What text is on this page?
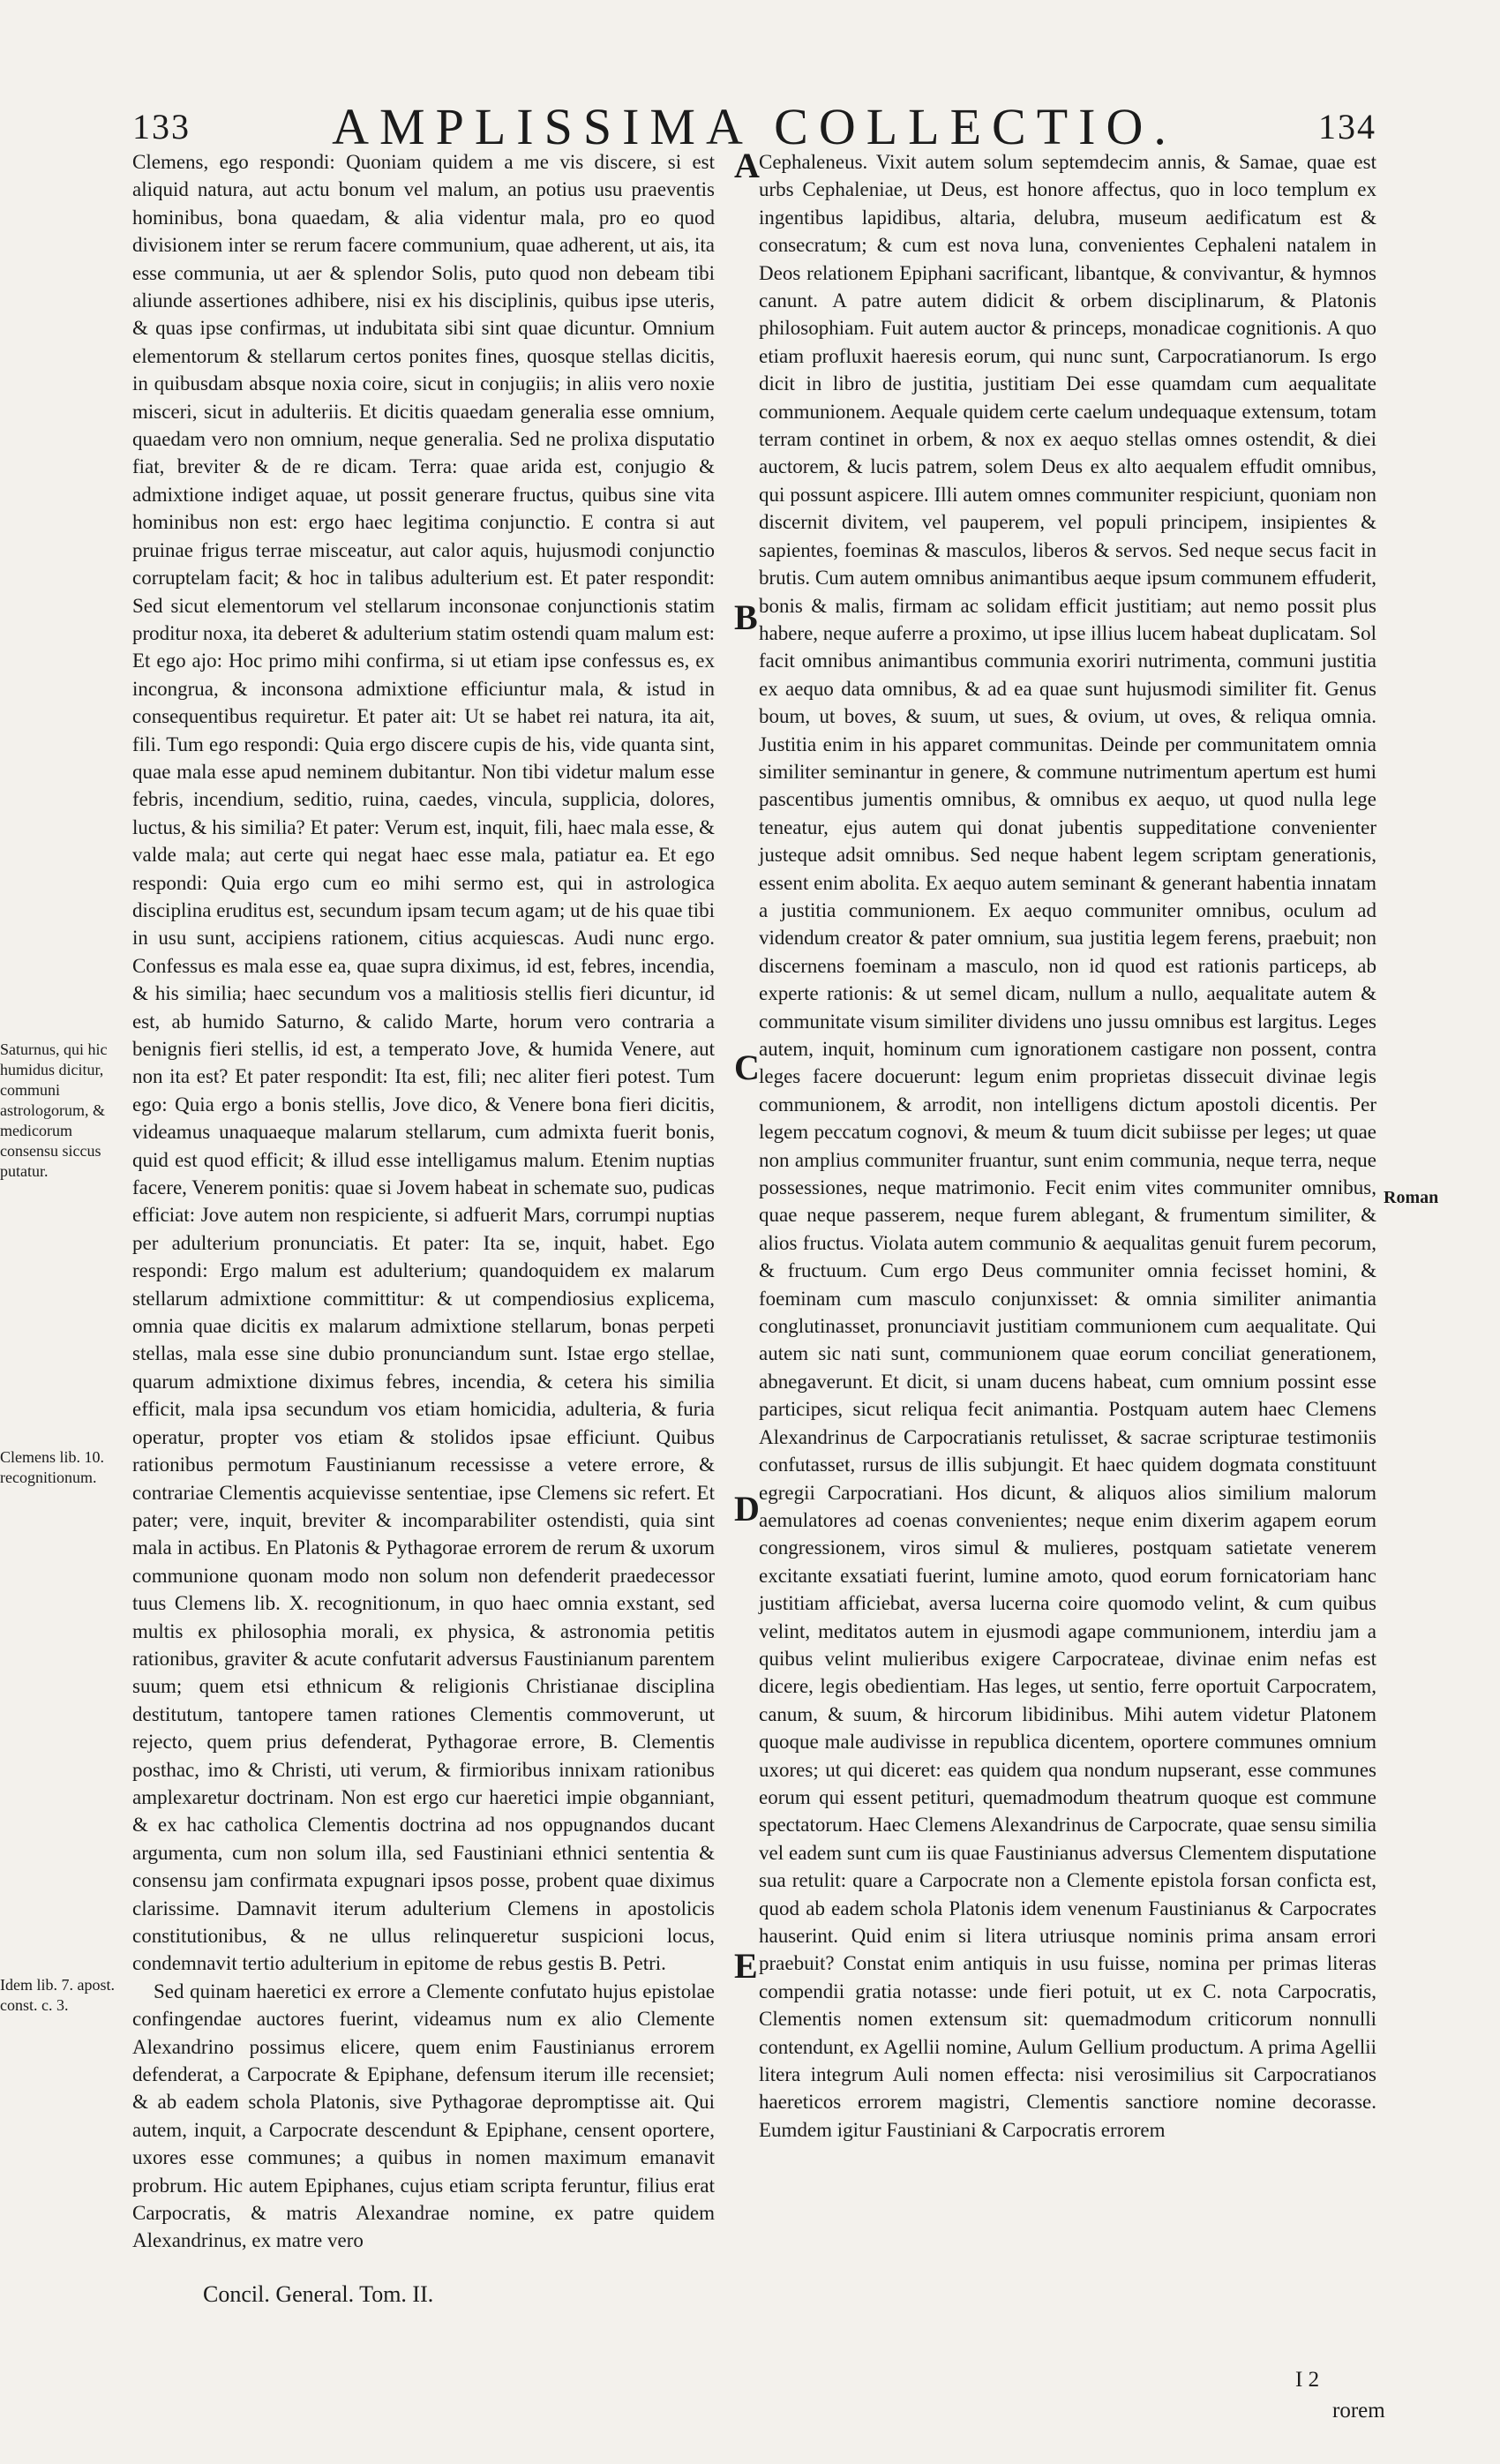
133	AMPLISSIMA COLLECTIO.	134

Clemens, ego respondi: Quoniam quidem a me vis discere, si est aliquid natura, aut actu bonum vel malum, an potius usu praeventis hominibus, bona quaedam, & alia videntur mala, pro eo quod divisionem inter se rerum facere communium, quae adherent, ut ais, ita esse communia, ut aer & splendor Solis, puto quod non debeam tibi aliunde assertiones adhibere, nisi ex his disciplinis, quibus ipse uteris, & quas ipse confirmas, ut indubitata sibi sint quae dicuntur. Omnium elementorum & stellarum certos ponites fines, quosque stellas dicitis, in quibusdam absque noxia coire, sicut in conjugiis; in aliis vero noxie misceri, sicut in adulteriis. Et dicitis quaedam generalia esse omnium, quaedam vero non omnium, neque generalia. Sed ne prolixa disputatio fiat, breviter & de re dicam. Terra: quae arida est, conjugio & admixtione indiget aquae, ut possit generare fructus, quibus sine vita hominibus non est: ergo haec legitima conjunctio. E contra si aut pruinae frigus terrae misceatur, aut calor aquis, hujusmodi conjunctio corruptelam facit; & hoc in talibus adulterium est. Et pater respondit: Sed sicut elementorum vel stellarum inconsonae conjunctionis statim proditur noxa, ita deberet & adulterium statim ostendi quam malum est: Et ego ajo: Hoc primo mihi confirma, si ut etiam ipse confessus es, ex incongrua, & inconsona admixtione efficiuntur mala, & istud in consequentibus requiretur. Et pater ait: Ut se habet rei natura, ita ait, fili. Tum ego respondi: Quia ergo discere cupis de his, vide quanta sint, quae mala esse apud neminem dubitantur. Non tibi videtur malum esse febris, incendium, seditio, ruina, caedes, vincula, supplicia, dolores, luctus, & his similia? Et pater: Verum est, inquit, fili, haec mala esse, & valde mala; aut certe qui negat haec esse mala, patiatur ea. Et ego respondi: Quia ergo cum eo mihi sermo est, qui in astrologica disciplina eruditus est, secundum ipsam tecum agam; ut de his quae tibi in usu sunt, accipiens rationem, citius acquiescas. Audi nunc ergo. Confessus es mala esse ea, quae supra diximus, id est, febres, incendia, & his similia; haec secundum vos a malitiosis stellis fieri dicuntur, id est, ab humido Saturno, & calido Marte, horum vero contraria a benignis fieri stellis, id est, a temperato Jove, & humida Venere, aut non ita est? Et pater respondit: Ita est, fili; nec aliter fieri potest. Tum ego: Quia ergo a bonis stellis, Jove dico, & Venere bona fieri dicitis, videamus unaquaeque malarum stellarum, cum admixta fuerit bonis, quid est quod efficit; & illud esse intelligamus malum. Etenim nuptias facere, Venerem ponitis: quae si Jovem habeat in schemate suo, pudicas efficiat: Jove autem non respiciente, si adfuerit Mars, corrumpi nuptias per adulterium pronunciatis. Et pater: Ita se, inquit, habet. Ego respondi: Ergo malum est adulterium; quandoquidem ex malarum stellarum admixtione committitur: & ut compendiosius explicema, omnia quae dicitis ex malarum admixtione stellarum, bonas perpeti stellas, mala esse sine dubio pronunciandum sunt. Istae ergo stellae, quarum admixtione diximus febres, incendia, & cetera his similia efficit, mala ipsa secundum vos etiam homicidia, adulteria, & furia operatur, propter vos etiam & stolidos ipsae efficiunt. Quibus rationibus permotum Faustinianum recessisse a vetere errore, & contrariae Clementis acquievisse sententiae, ipse Clemens sic refert. Et pater; vere, inquit, breviter & incomparabiliter ostendisti, quia sint mala in actibus. En Platonis & Pythagorae errorem de rerum & uxorum communione quonam modo non solum non defenderit praedecessor tuus Clemens lib. X. recognitionum, in quo haec omnia exstant, sed multis ex philosophia morali, ex physica, & astronomia petitis rationibus, graviter & acute confutarit adversus Faustinianum parentem suum; quem etsi ethnicum & religionis Christianae disciplina destitutum, tantopere tamen rationes Clementis commoverunt, ut rejecto, quem prius defenderat, Pythagorae errore, B. Clementis posthac, imo & Christi, uti verum, & firmioribus innixam rationibus amplexaretur doctrinam. Non est ergo cur haeretici impie obganniant, & ex hac catholica Clementis doctrina ad nos oppugnandos ducant argumenta, cum non solum illa, sed Faustiniani ethnici sententia & consensu jam confirmata expugnari ipsos posse, probent quae diximus clarissime. Damnavit iterum adulterium Clemens in apostolicis constitutionibus, & ne ullus relinqueretur suspicioni locus, condemnavit tertio adulterium in epitome de rebus gestis B. Petri.

Sed quinam haeretici ex errore a Clemente confutato hujus epistolae confingendae auctores fuerint, videamus num ex alio Clemente Alexandrino possimus elicere, quem enim Faustinianus errorem defenderat, a Carpocrate & Epiphane, defensum iterum ille recensiet; & ab eadem schola Platonis, sive Pythagorae depromptisse ait. Qui autem, inquit, a Carpocrate descendunt & Epiphane, censent oportere, uxores esse communes; a quibus in nomen maximum emanavit probrum. Hic autem Epiphanes, cujus etiam scripta feruntur, filius erat Carpocratis, & matris Alexandrae nomine, ex patre quidem Alexandrinus, ex matre vero

Cephaleneus. Vixit autem solum septemdecim annis, & Samae, quae est urbs Cephaleniae, ut Deus, est honore affectus, quo in loco templum ex ingentibus lapidibus, altaria, delubra, museum aedificatum est & consecratum; & cum est nova luna, convenientes Cephaleni natalem in Deos relationem Epiphani sacrificant, libantque, & convivantur, & hymnos canunt. A patre autem didicit & orbem disciplinarum, & Platonis philosophiam. Fuit autem auctor & princeps, monadicae cognitionis. A quo etiam profluxit haeresis eorum, qui nunc sunt, Carpocratianorum. Is ergo dicit in libro de justitia, justitiam Dei esse quamdam cum aequalitate communionem. Aequale quidem certe caelum undequaque extensum, totam terram continet in orbem, & nox ex aequo stellas omnes ostendit, & diei auctorem, & lucis patrem, solem Deus ex alto aequalem effudit omnibus, qui possunt aspicere. Illi autem omnes communiter respiciunt, quoniam non discernit divitem, vel pauperem, vel populi principem, insipientes & sapientes, foeminas & masculos, liberos & servos. Sed neque secus facit in brutis. Cum autem omnibus animantibus aeque ipsum communem effuderit, bonis & malis, firmam ac solidam efficit justitiam; aut nemo possit plus habere, neque auferre a proximo, ut ipse illius lucem habeat duplicatam. Sol facit omnibus animantibus communia exoriri nutrimenta, communi justitia ex aequo data omnibus, & ad ea quae sunt hujusmodi similiter fit. Genus boum, ut boves, & suum, ut sues, & ovium, ut oves, & reliqua omnia. Justitia enim in his apparet communitas. Deinde per communitatem omnia similiter seminantur in genere, & commune nutrimentum apertum est humi pascentibus jumentis omnibus, & omnibus ex aequo, ut quod nulla lege teneatur, ejus autem qui donat jubentis suppeditatione convenienter justeque adsit omnibus. Sed neque habent legem scriptam generationis, essent enim abolita. Ex aequo autem seminant & generant habentia innatam a justitia communionem. Ex aequo communiter omnibus, oculum ad videndum creator & pater omnium, sua justitia legem ferens, praebuit; non discernens foeminam a masculo, non id quod est rationis particeps, ab experte rationis: & ut semel dicam, nullum a nullo, aequalitate autem & communitate visum similiter dividens uno jussu omnibus est largitus. Leges autem, inquit, hominum cum ignorationem castigare non possent, contra leges facere docuerunt: legum enim proprietas dissecuit divinae legis communionem, & arrodit, non intelligens dictum apostoli dicentis. Per legem peccatum cognovi, & meum & tuum dicit subiisse per leges; ut quae non amplius communiter fruantur, sunt enim communia, neque terra, neque possessiones, neque matrimonio. Fecit enim vites communiter omnibus, quae neque passerem, neque furem ablegant, & frumentum similiter, & alios fructus. Violata autem communio & aequalitas genuit furem pecorum, & fructuum. Cum ergo Deus communiter omnia fecisset homini, & foeminam cum masculo conjunxisset: & omnia similiter animantia conglutinasset, pronunciavit justitiam communionem cum aequalitate. Qui autem sic nati sunt, communionem quae eorum conciliat generationem, abnegaverunt. Et dicit, si unam ducens habeat, cum omnium possint esse participes, sicut reliqua fecit animantia. Postquam autem haec Clemens Alexandrinus de Carpocratianis retulisset, & sacrae scripturae testimoniis confutasset, rursus de illis subjungit. Et haec quidem dogmata constituunt egregii Carpocratiani. Hos dicunt, & aliquos alios similium malorum aemulatores ad coenas convenientes; neque enim dixerim agapem eorum congressionem, viros simul & mulieres, postquam satietate venerem excitante exsatiati fuerint, lumine amoto, quod eorum fornicatoriam hanc justitiam afficiebat, aversa lucerna coire quomodo velint, & cum quibus velint, meditatos autem in ejusmodi agape communionem, interdiu jam a quibus velint mulieribus exigere Carpocrateae, divinae enim nefas est dicere, legis obedientiam. Has leges, ut sentio, ferre oportuit Carpocratem, canum, & suum, & hircorum libidinibus. Mihi autem videtur Platonem quoque male audivisse in republica dicentem, oportere communes omnium uxores; ut qui diceret: eas quidem qua nondum nupserant, esse communes eorum qui essent petituri, quemadmodum theatrum quoque est commune spectatorum. Haec Clemens Alexandrinus de Carpocrate, quae sensu similia vel eadem sunt cum iis quae Faustinianus adversus Clementem disputatione sua retulit: quare a Carpocrate non a Clemente epistola forsan conficta est, quod ab eadem schola Platonis idem venenum Faustinianus & Carpocrates hauserint. Quid enim si litera utriusque nominis prima ansam errori praebuit? Constat enim antiquis in usu fuisse, nomina per primas literas compendii gratia notasse: unde fieri potuit, ut ex C. nota Carpocratis, Clementis nomen extensum sit: quemadmodum criticorum nonnulli contendunt, ex Agellii nomine, Aulum Gellium productum. A prima Agellii litera integrum Auli nomen effecta: nisi verosimilius sit Carpocratianos haereticos errorem magistri, Clementis sanctiore nomine decorasse. Eumdem igitur Faustiniani & Carpocratis errorem

A
B
C
D
E
Saturnus, qui hic humidus dicitur, communi astrologorum, & medicorum consensu siccus putatur.
Clemens lib. 10. recognitionum.
Idem lib. 7. apost. const. c. 3.
Roman
Concil. General. Tom. II.
I 2
rorem
